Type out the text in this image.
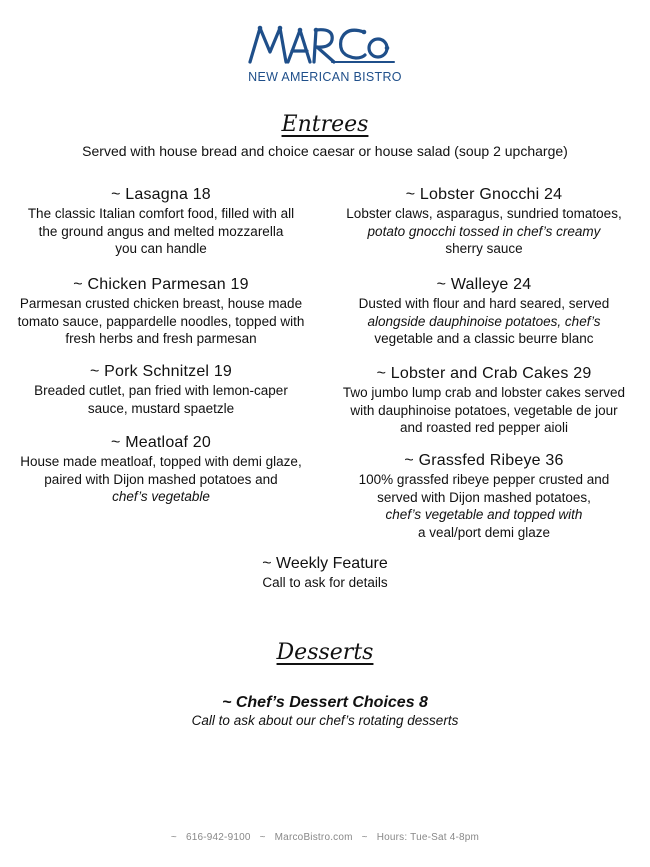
NEW AMERICAN BISTRO
Entrees
Served with house bread and choice caesar or house salad (soup 2 upcharge)
~ Lasagna 18
The classic Italian comfort food, filled with all
the ground angus and melted mozzarella
you can handle
~ Chicken Parmesan 19
Parmesan crusted chicken breast, house made
tomato sauce, pappardelle noodles, topped with
fresh herbs and fresh parmesan
~ Pork Schnitzel 19
Breaded cutlet, pan fried with lemon-caper
sauce, mustard spaetzle
~ Meatloaf 20
House made meatloaf, topped with demi glaze,
paired with Dijon mashed potatoes and
chef’s vegetable
~ Lobster Gnocchi 24
Lobster claws, asparagus, sundried tomatoes,
potato gnocchi tossed in chef’s creamy
sherry sauce
~ Walleye 24
Dusted with flour and hard seared, served
alongside dauphinoise potatoes, chef’s
vegetable and a classic beurre blanc
~ Lobster and Crab Cakes 29
Two jumbo lump crab and lobster cakes served
with dauphinoise potatoes, vegetable de jour
and roasted red pepper aioli
~ Grassfed Ribeye 36
100% grassfed ribeye pepper crusted and
served with Dijon mashed potatoes,
chef’s vegetable and topped with
a veal/port demi glaze
~ Weekly Feature
Call to ask for details
Desserts
~ Chef’s Dessert Choices 8
Call to ask about our chef’s rotating desserts
~ 616-942-9100 ~ MarcoBistro.com ~ Hours: Tue-Sat 4-8pm
